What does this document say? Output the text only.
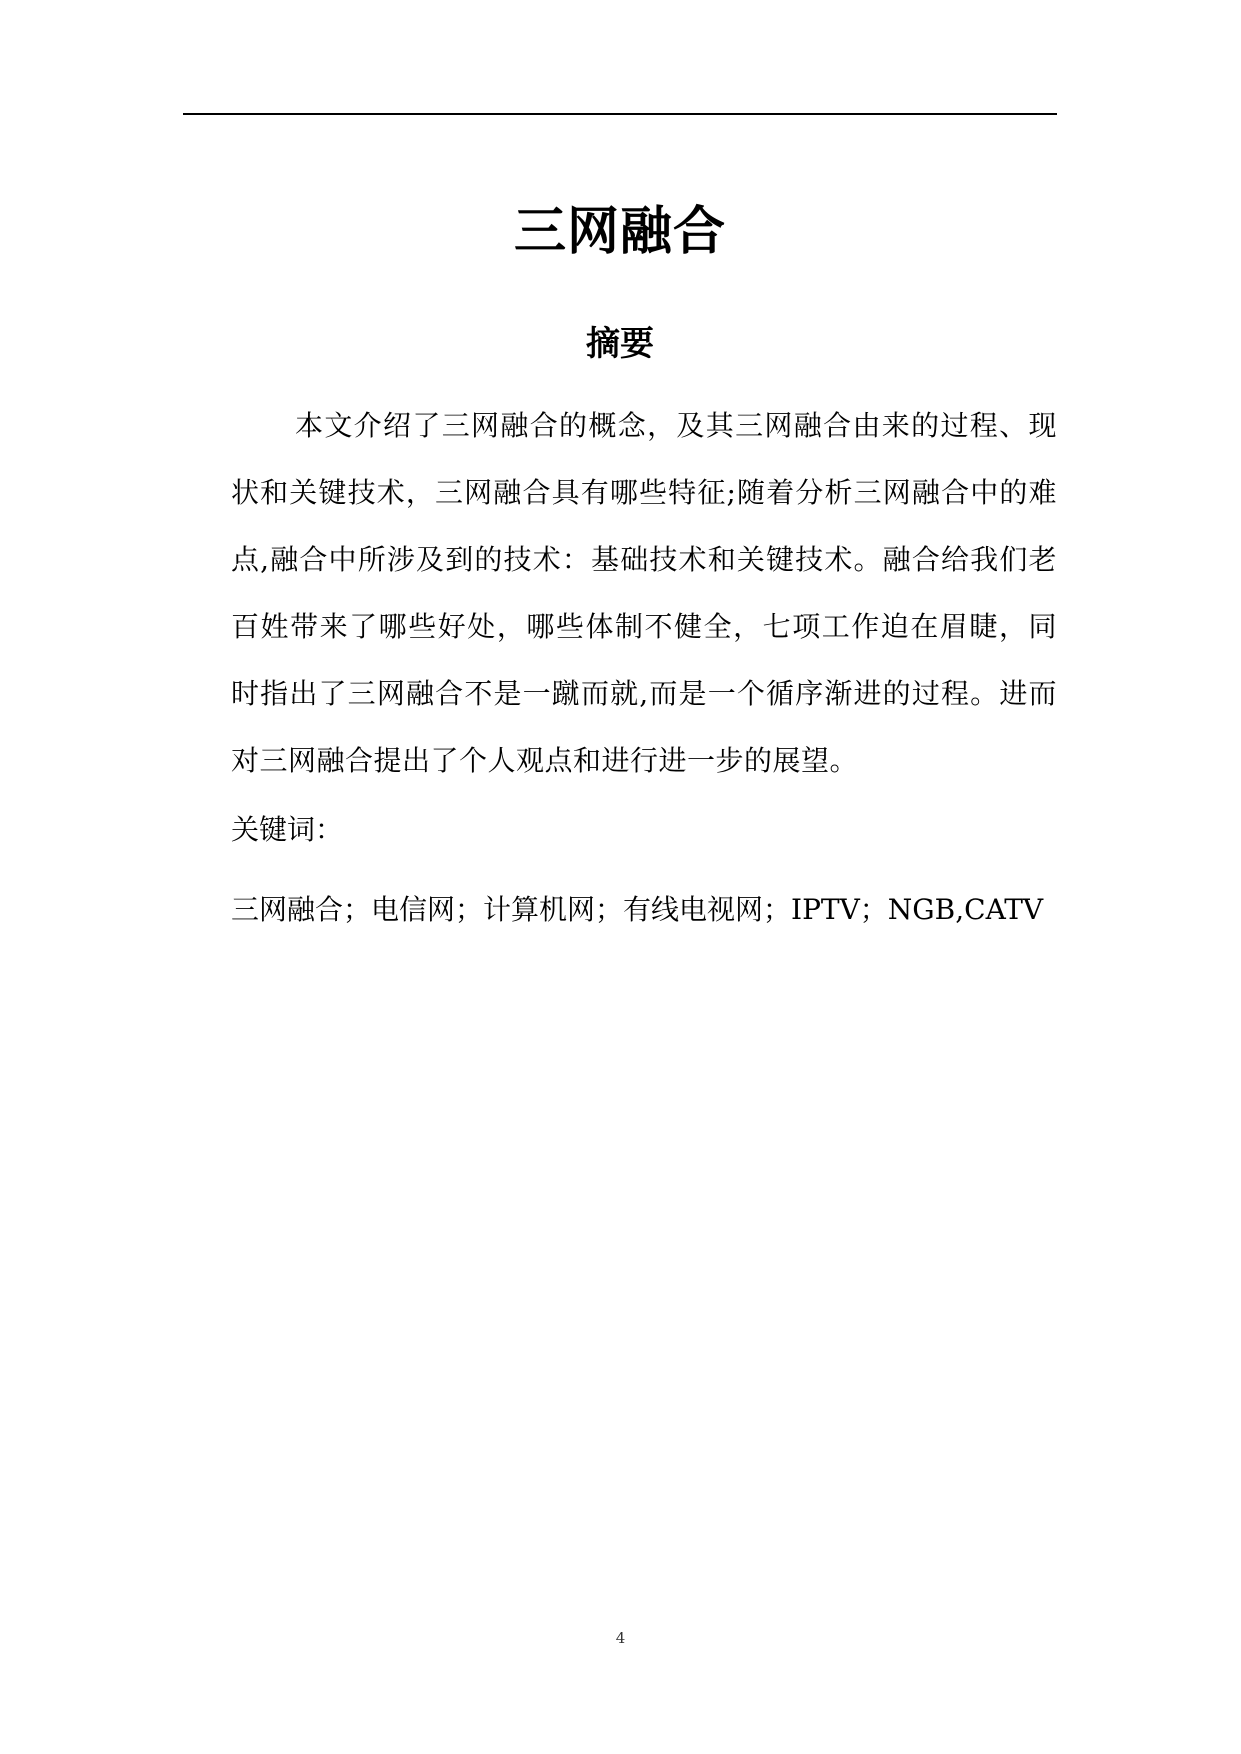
三网融合
摘要

本文介绍了三网融合的概念，及其三网融合由来的过程、现状和关键技术，三网融合具有哪些特征;随着分析三网融合中的难点,融合中所涉及到的技术：基础技术和关键技术。融合给我们老百姓带来了哪些好处，哪些体制不健全，七项工作迫在眉睫，同时指出了三网融合不是一蹴而就,而是一个循序渐进的过程。进而对三网融合提出了个人观点和进行进一步的展望。

关键词：
三网融合；电信网；计算机网；有线电视网；IPTV；NGB,CATV
4
